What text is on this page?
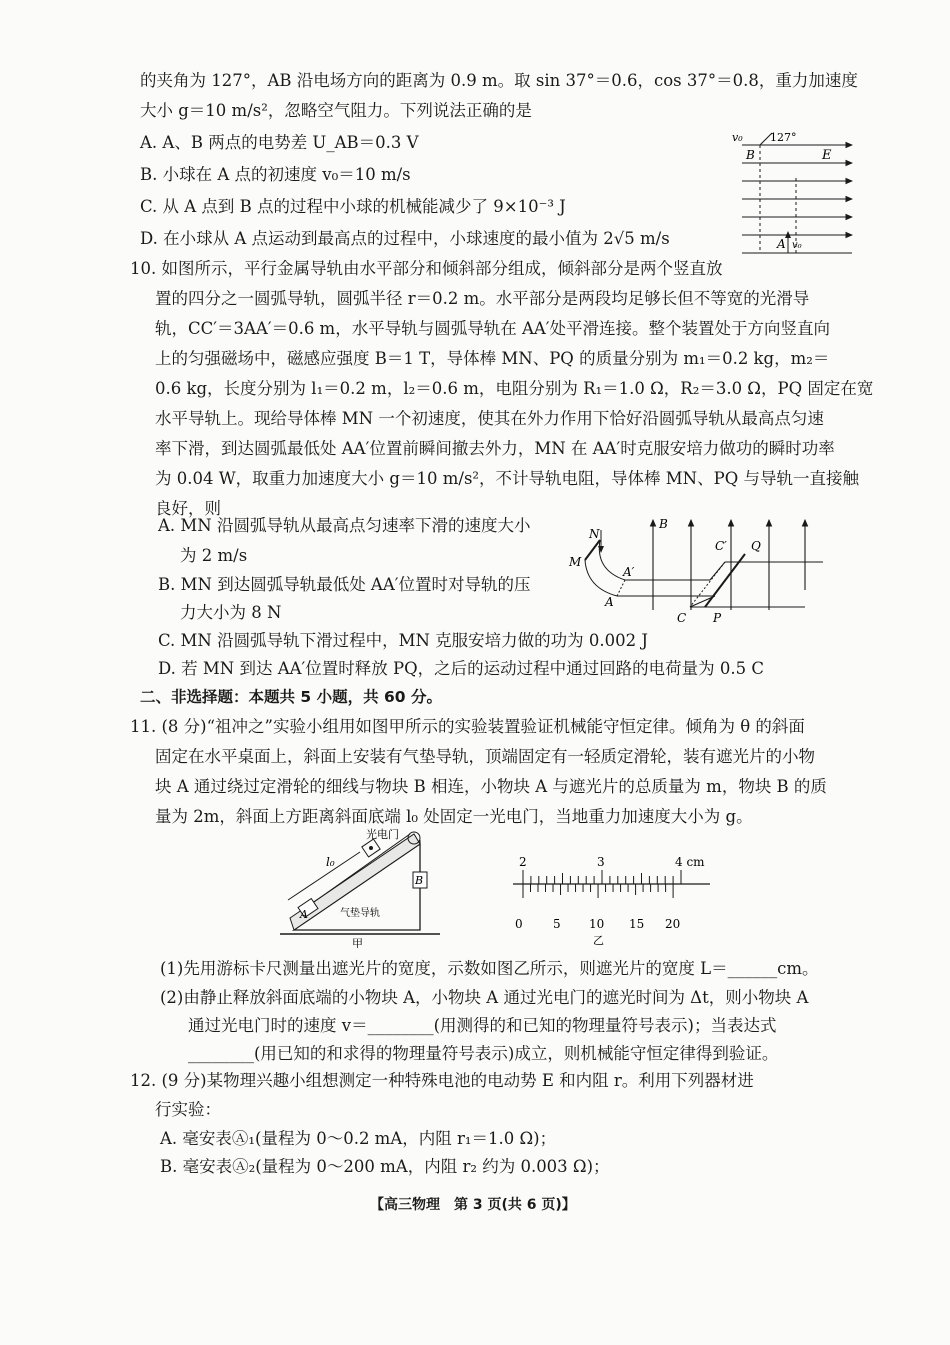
的夹角为 127°，AB 沿电场方向的距离为 0.9 m。取 sin 37°＝0.6，cos 37°＝0.8，重力加速度
大小 g＝10 m/s²，忽略空气阻力。下列说法正确的是
A. A、B 两点的电势差 U_AB＝0.3 V
B. 小球在 A 点的初速度 v₀＝10 m/s
C. 从 A 点到 B 点的过程中小球的机械能减少了 9×10⁻³ J
D. 在小球从 A 点运动到最高点的过程中，小球速度的最小值为 2√5 m/s
v₀ 127°
B	E
A v₀
10. 如图所示，平行金属导轨由水平部分和倾斜部分组成，倾斜部分是两个竖直放
置的四分之一圆弧导轨，圆弧半径 r＝0.2 m。水平部分是两段均足够长但不等宽的光滑导
轨，CC′＝3AA′＝0.6 m，水平导轨与圆弧导轨在 AA′处平滑连接。整个装置处于方向竖直向
上的匀强磁场中，磁感应强度 B＝1 T，导体棒 MN、PQ 的质量分别为 m₁＝0.2 kg，m₂＝
0.6 kg，长度分别为 l₁＝0.2 m，l₂＝0.6 m，电阻分别为 R₁＝1.0 Ω，R₂＝3.0 Ω，PQ 固定在宽
水平导轨上。现给导体棒 MN 一个初速度，使其在外力作用下恰好沿圆弧导轨从最高点匀速
率下滑，到达圆弧最低处 AA′位置前瞬间撤去外力，MN 在 AA′时克服安培力做功的瞬时功率
为 0.04 W，取重力加速度大小 g＝10 m/s²，不计导轨电阻，导体棒 MN、PQ 与导轨一直接触
良好，则
A. MN 沿圆弧导轨从最高点匀速率下滑的速度大小
为 2 m/s
B. MN 到达圆弧导轨最低处 AA′位置时对导轨的压
力大小为 8 N
C. MN 沿圆弧导轨下滑过程中，MN 克服安培力做的功为 0.002 J
D. 若 MN 到达 AA′位置时释放 PQ，之后的运动过程中通过回路的电荷量为 0.5 C
N
B
C′ Q
M
A′
A
C P
二、非选择题：本题共 5 小题，共 60 分。
11. (8 分)“祖冲之”实验小组用如图甲所示的实验装置验证机械能守恒定律。倾角为 θ 的斜面
固定在水平桌面上，斜面上安装有气垫导轨，顶端固定有一轻质定滑轮，装有遮光片的小物
块 A 通过绕过定滑轮的细线与物块 B 相连，小物块 A 与遮光片的总质量为 m，物块 B 的质
量为 2m，斜面上方距离斜面底端 l₀ 处固定一光电门，当地重力加速度大小为 g。
光电门
l₀
A
B
气垫导轨
甲
2	3	4 cm
0	5 10 15 20
乙
(1)先用游标卡尺测量出遮光片的宽度，示数如图乙所示，则遮光片的宽度 L＝______cm。
(2)由静止释放斜面底端的小物块 A，小物块 A 通过光电门的遮光时间为 Δt，则小物块 A
通过光电门时的速度 v＝________(用测得的和已知的物理量符号表示)；当表达式
________(用已知的和求得的物理量符号表示)成立，则机械能守恒定律得到验证。
12. (9 分)某物理兴趣小组想测定一种特殊电池的电动势 E 和内阻 r。利用下列器材进
行实验：
A. 毫安表Ⓐ₁(量程为 0～0.2 mA，内阻 r₁＝1.0 Ω)；
B. 毫安表Ⓐ₂(量程为 0～200 mA，内阻 r₂ 约为 0.003 Ω)；
【高三物理　第 3 页(共 6 页)】
